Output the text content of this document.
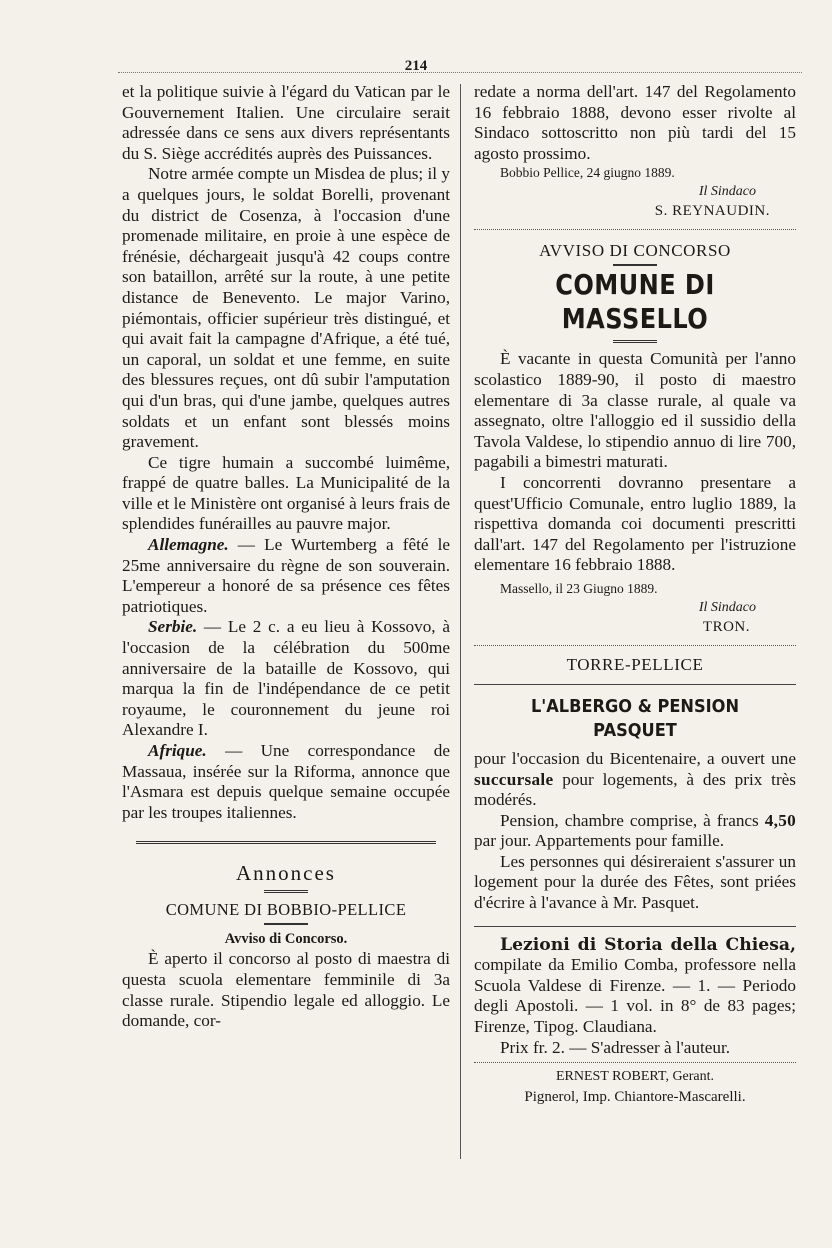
214

et la politique suivie à l'égard du Vatican par le Gouvernement Italien. Une circulaire serait adressée dans ce sens aux divers représentants du S. Siège accrédités auprès des Puissances.

Notre armée compte un Misdea de plus; il y a quelques jours, le soldat Borelli, provenant du district de Cosenza, à l'occasion d'une promenade militaire, en proie à une espèce de frénésie, déchargeait jusqu'à 42 coups contre son bataillon, arrêté sur la route, à une petite distance de Benevento. Le major Varino, piémontais, officier supérieur très distingué, et qui avait fait la campagne d'Afrique, a été tué, un caporal, un soldat et une femme, en suite des blessures reçues, ont dû subir l'amputation qui d'un bras, qui d'une jambe, quelques autres soldats et un enfant sont blessés moins gravement.

Ce tigre humain a succombé luimême, frappé de quatre balles. La Municipalité de la ville et le Ministère ont organisé à leurs frais de splendides funérailles au pauvre major.

Allemagne. — Le Wurtemberg a fêté le 25me anniversaire du règne de son souverain. L'empereur a honoré de sa présence ces fêtes patriotiques.

Serbie. — Le 2 c. a eu lieu à Kossovo, à l'occasion de la célébration du 500me anniversaire de la bataille de Kossovo, qui marqua la fin de l'indépendance de ce petit royaume, le couronnement du jeune roi Alexandre I.

Afrique. — Une correspondance de Massaua, insérée sur la Riforma, annonce que l'Asmara est depuis quelque semaine occupée par les troupes italiennes.

Annonces
COMUNE DI BOBBIO-PELLICE
Avviso di Concorso.

È aperto il concorso al posto di maestra di questa scuola elementare femminile di 3a classe rurale. Stipendio legale ed alloggio. Le domande, cor-

redate a norma dell'art. 147 del Regolamento 16 febbraio 1888, devono esser rivolte al Sindaco sottoscritto non più tardi del 15 agosto prossimo.

Bobbio Pellice, 24 giugno 1889.

Il Sindaco
S. REYNAUDIN.
AVVISO DI CONCORSO
COMUNE DI MASSELLO

È vacante in questa Comunità per l'anno scolastico 1889-90, il posto di maestro elementare di 3a classe rurale, al quale va assegnato, oltre l'alloggio ed il sussidio della Tavola Valdese, lo stipendio annuo di lire 700, pagabili a bimestri maturati.

I concorrenti dovranno presentare a quest'Ufficio Comunale, entro luglio 1889, la rispettiva domanda coi documenti prescritti dall'art. 147 del Regolamento per l'istruzione elementare 16 febbraio 1888.

Massello, il 23 Giugno 1889.

Il Sindaco
TRON.
TORRE-PELLICE
L'ALBERGO & PENSION PASQUET

pour l'occasion du Bicentenaire, a ouvert une succursale pour logements, à des prix très modérés.

Pension, chambre comprise, à francs 4,50 par jour. Appartements pour famille.

Les personnes qui désireraient s'assurer un logement pour la durée des Fêtes, sont priées d'écrire à l'avance à Mr. Pasquet.

Lezioni di Storia della Chiesa, compilate da Emilio Comba, professore nella Scuola Valdese di Firenze. — 1. — Periodo degli Apostoli. — 1 vol. in 8° de 83 pages; Firenze, Tipog. Claudiana.

Prix fr. 2. — S'adresser à l'auteur.

ERNEST ROBERT, Gerant.
Pignerol, Imp. Chiantore-Mascarelli.
